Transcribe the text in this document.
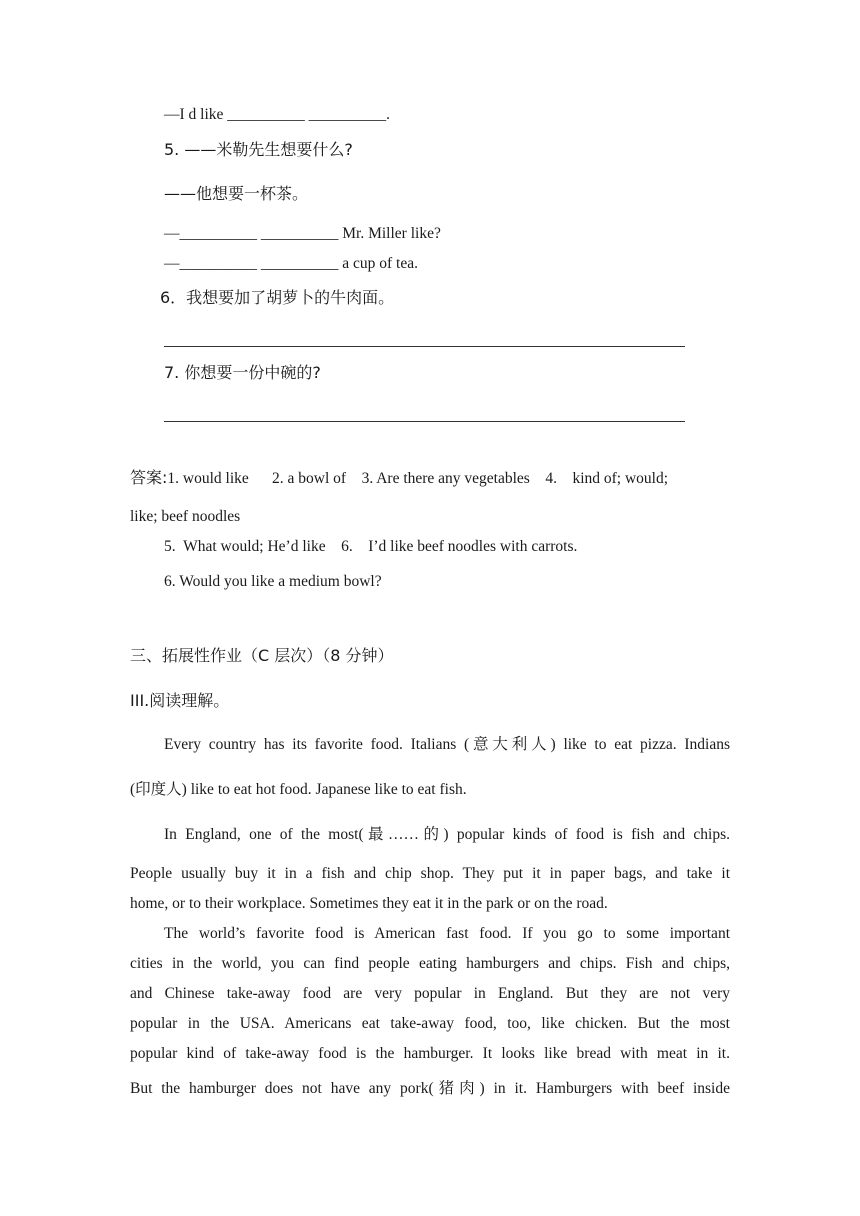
—I d like __________ __________.
5. ——米勒先生想要什么?
——他想要一杯茶。
—__________ __________ Mr. Miller like?
—__________ __________ a cup of tea.
6．我想要加了胡萝卜的牛肉面。
7. 你想要一份中碗的?
答案:1. would like      2. a bowl of    3. Are there any vegetables    4.    kind of; would;
like; beef noodles
5.  What would; He’d like    6.    I’d like beef noodles with carrots.
6. Would you like a medium bowl?
三、拓展性作业（C 层次）（8 分钟）
III.阅读理解。
Every country has its favorite food. Italians (意大利人) like to eat pizza. Indians
(印度人) like to eat hot food. Japanese like to eat fish.
In England, one of the most(最……的) popular kinds of food is fish and chips.
People usually buy it in a fish and chip shop. They put it in paper bags, and take it
home, or to their workplace. Sometimes they eat it in the park or on the road.
The world’s favorite food is American fast food. If you go to some important
cities in the world, you can find people eating hamburgers and chips. Fish and chips,
and Chinese take-away food are very popular in England. But they are not very
popular in the USA. Americans eat take-away food, too, like chicken. But the most
popular kind of take-away food is the hamburger. It looks like bread with meat in it.
But the hamburger does not have any pork(猪肉) in it. Hamburgers with beef inside
